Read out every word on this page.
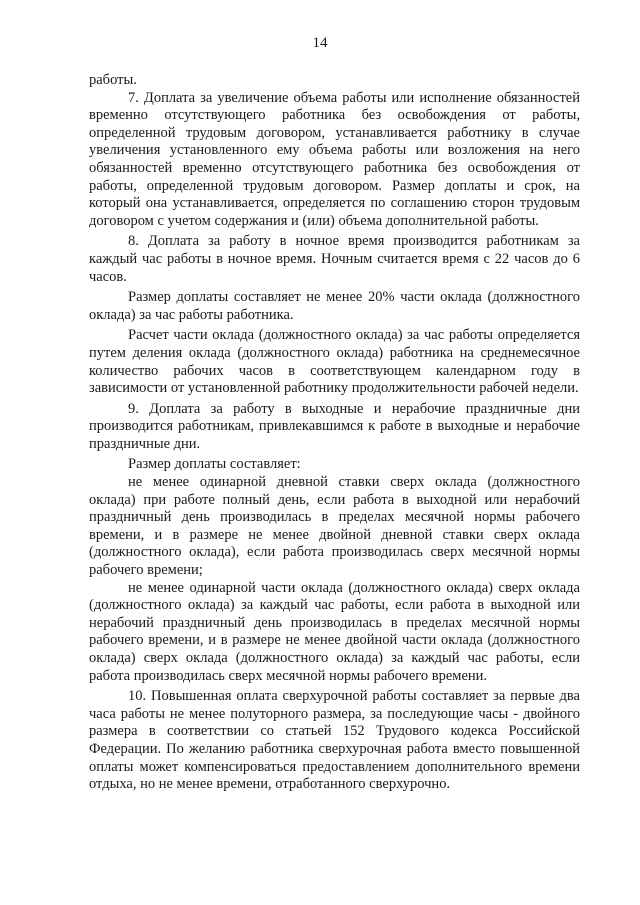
14

работы.

7. Доплата за увеличение объема работы или исполнение обязанностей временно отсутствующего работника без освобождения от работы, определенной трудовым договором, устанавливается работнику в случае увеличения установленного ему объема работы или возложения на него обязанностей временно отсутствующего работника без освобождения от работы, определенной трудовым договором. Размер доплаты и срок, на который она устанавливается, определяется по соглашению сторон трудовым договором с учетом содержания и (или) объема дополнительной работы.

8. Доплата за работу в ночное время производится работникам за каждый час работы в ночное время. Ночным считается время с 22 часов до 6 часов.

Размер доплаты составляет не менее 20% части оклада (должностного оклада) за час работы работника.

Расчет части оклада (должностного оклада) за час работы определяется путем деления оклада (должностного оклада) работника на среднемесячное количество рабочих часов в соответствующем календарном году в зависимости от установленной работнику продолжительности рабочей недели.

9. Доплата за работу в выходные и нерабочие праздничные дни производится работникам, привлекавшимся к работе в выходные и нерабочие праздничные дни.

Размер доплаты составляет:

не менее одинарной дневной ставки сверх оклада (должностного оклада) при работе полный день, если работа в выходной или нерабочий праздничный день производилась в пределах месячной нормы рабочего времени, и в размере не менее двойной дневной ставки сверх оклада (должностного оклада), если работа производилась сверх месячной нормы рабочего времени;

не менее одинарной части оклада (должностного оклада) сверх оклада (должностного оклада) за каждый час работы, если работа в выходной или нерабочий праздничный день производилась в пределах месячной нормы рабочего времени, и в размере не менее двойной части оклада (должностного оклада) сверх оклада (должностного оклада) за каждый час работы, если работа производилась сверх месячной нормы рабочего времени.

10. Повышенная оплата сверхурочной работы составляет за первые два часа работы не менее полуторного размера, за последующие часы - двойного размера в соответствии со статьей 152 Трудового кодекса Российской Федерации. По желанию работника сверхурочная работа вместо повышенной оплаты может компенсироваться предоставлением дополнительного времени отдыха, но не менее времени, отработанного сверхурочно.
